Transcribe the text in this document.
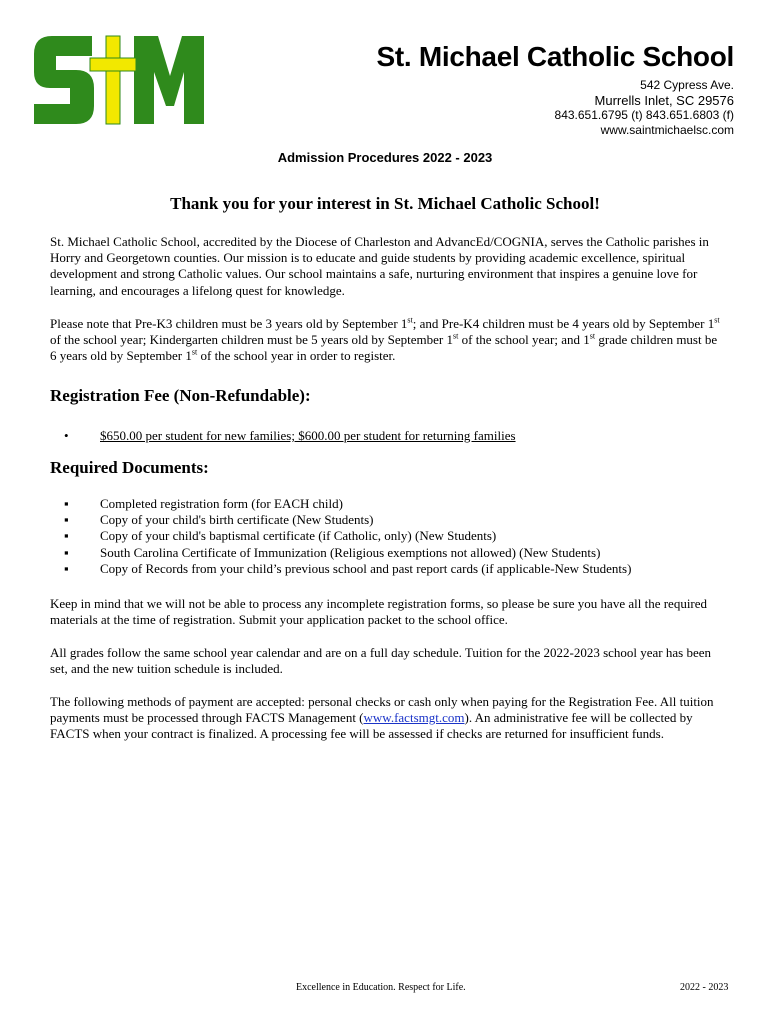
St. Michael Catholic School
542 Cypress Ave.
Murrells Inlet, SC 29576
843.651.6795 (t) 843.651.6803 (f)
www.saintmichaelsc.com
Admission Procedures 2022 - 2023
Thank you for your interest in St. Michael Catholic School!

St. Michael Catholic School, accredited by the Diocese of Charleston and AdvancEd/COGNIA, serves the Catholic parishes in Horry and Georgetown counties. Our mission is to educate and guide students by providing academic excellence, spiritual development and strong Catholic values. Our school maintains a safe, nurturing environment that inspires a genuine love for learning, and encourages a lifelong quest for knowledge.

Please note that Pre-K3 children must be 3 years old by September 1st; and Pre-K4 children must be 4 years old by September 1st of the school year; Kindergarten children must be 5 years old by September 1st of the school year; and 1st grade children must be 6 years old by September 1st of the school year in order to register.

Registration Fee (Non-Refundable):
• $650.00 per student for new families; $600.00 per student for returning families
Required Documents:
▪ Completed registration form (for EACH child)
▪ Copy of your child's birth certificate (New Students)
▪ Copy of your child's baptismal certificate (if Catholic, only) (New Students)
▪ South Carolina Certificate of Immunization (Religious exemptions not allowed) (New Students)
▪ Copy of Records from your child’s previous school and past report cards (if applicable-New Students)

Keep in mind that we will not be able to process any incomplete registration forms, so please be sure you have all the required materials at the time of registration. Submit your application packet to the school office.

All grades follow the same school year calendar and are on a full day schedule. Tuition for the 2022-2023 school year has been set, and the new tuition schedule is included.

The following methods of payment are accepted: personal checks or cash only when paying for the Registration Fee. All tuition payments must be processed through FACTS Management (www.factsmgt.com). An administrative fee will be collected by FACTS when your contract is finalized. A processing fee will be assessed if checks are returned for insufficient funds.

Excellence in Education. Respect for Life.	2022 - 2023
